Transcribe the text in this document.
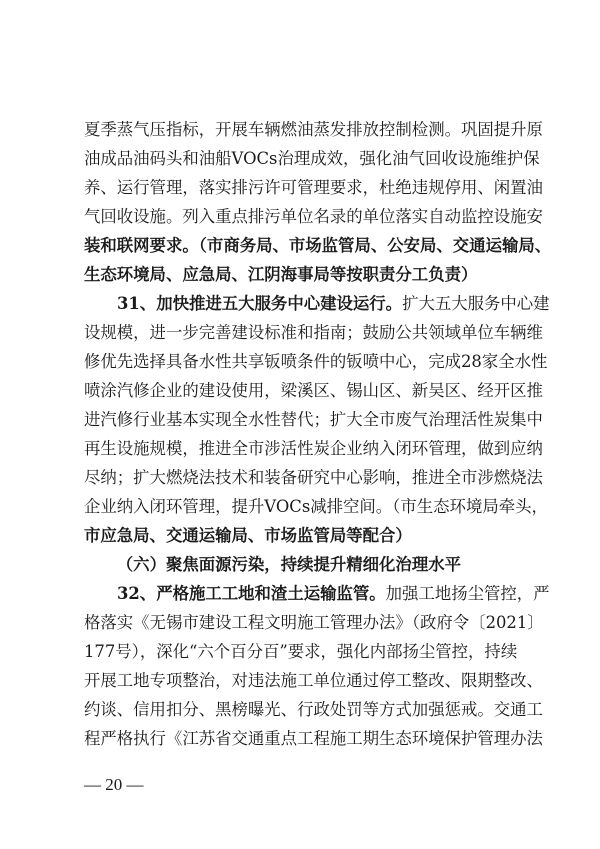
夏季蒸气压指标，开展车辆燃油蒸发排放控制检测。巩固提升原
油成品油码头和油船VOCs治理成效，强化油气回收设施维护保
养、运行管理，落实排污许可管理要求，杜绝违规停用、闲置油
气回收设施。列入重点排污单位名录的单位落实自动监控设施安
装和联网要求。（市商务局、市场监管局、公安局、交通运输局、
生态环境局、应急局、江阴海事局等按职责分工负责）
31、加快推进五大服务中心建设运行。扩大五大服务中心建
设规模，进一步完善建设标准和指南；鼓励公共领域单位车辆维
修优先选择具备水性共享钣喷条件的钣喷中心，完成28家全水性
喷涂汽修企业的建设使用，梁溪区、锡山区、新吴区、经开区推
进汽修行业基本实现全水性替代；扩大全市废气治理活性炭集中
再生设施规模，推进全市涉活性炭企业纳入闭环管理，做到应纳
尽纳；扩大燃烧法技术和装备研究中心影响，推进全市涉燃烧法
企业纳入闭环管理，提升VOCs减排空间。（市生态环境局牵头，
市应急局、交通运输局、市场监管局等配合）
（六）聚焦面源污染，持续提升精细化治理水平
32、严格施工工地和渣土运输监管。加强工地扬尘管控，严
格落实《无锡市建设工程文明施工管理办法》（政府令〔2021〕
177号），深化“六个百分百”要求，强化内部扬尘管控，持续
开展工地专项整治，对违法施工单位通过停工整改、限期整改、
约谈、信用扣分、黑榜曝光、行政处罚等方式加强惩戒。交通工
程严格执行《江苏省交通重点工程施工期生态环境保护管理办法
— 20 —
